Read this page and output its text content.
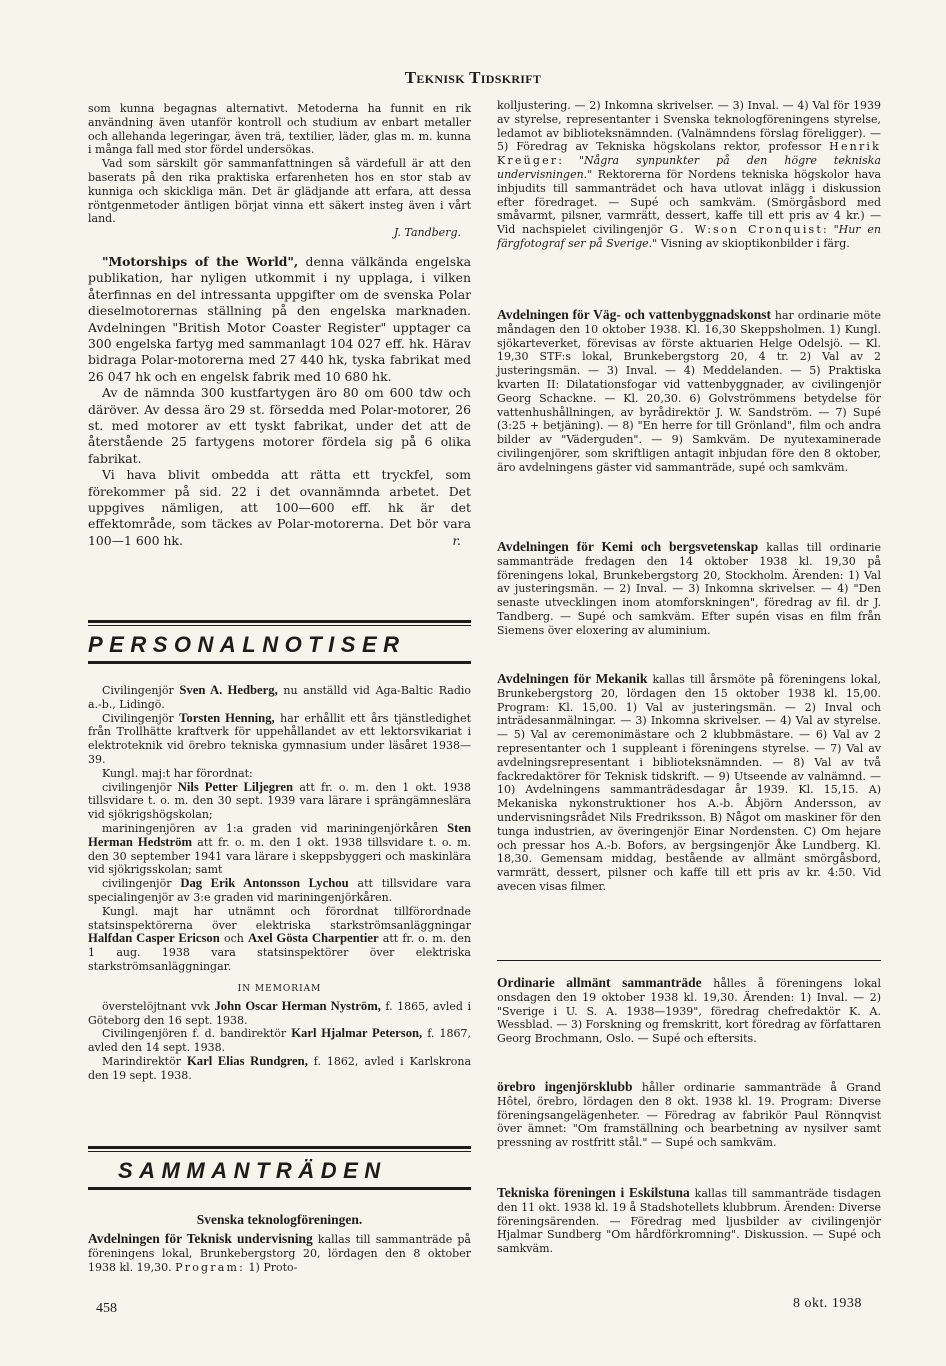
Teknisk Tidskrift

som kunna begagnas alternativt. Metoderna ha funnit en rik användning även utanför kontroll och studium av enbart metaller och allehanda legeringar, även trä, textilier, läder, glas m. m. kunna i många fall med stor fördel undersökas.

Vad som särskilt gör sammanfattningen så värdefull är att den baserats på den rika praktiska erfarenheten hos en stor stab av kunniga och skickliga män. Det är glädjande att erfara, att dessa röntgenmetoder äntligen börjat vinna ett säkert insteg även i vårt land.

J. Tandberg.

"Motorships of the World", denna välkända engelska publikation, har nyligen utkommit i ny upplaga, i vilken återfinnas en del intressanta uppgifter om de svenska Polar dieselmotorernas ställning på den engelska marknaden. Avdelningen "British Motor Coaster Register" upptager ca 300 engelska fartyg med sammanlagt 104 027 eff. hk. Härav bidraga Polar-motorerna med 27 440 hk, tyska fabrikat med 26 047 hk och en engelsk fabrik med 10 680 hk.

Av de nämnda 300 kustfartygen äro 80 om 600 tdw och däröver. Av dessa äro 29 st. försedda med Polar-motorer, 26 st. med motorer av ett tyskt fabrikat, under det att de återstående 25 fartygens motorer fördela sig på 6 olika fabrikat.

Vi hava blivit ombedda att rätta ett tryckfel, som förekommer på sid. 22 i det ovannämnda arbetet. Det uppgives nämligen, att 100—600 eff. hk är det effektområde, som täckes av Polar-motorerna. Det bör vara 100—1 600 hk.	r.

PERSONALNOTISER

Civilingenjör Sven A. Hedberg, nu anställd vid Aga-Baltic Radio a.-b., Lidingö.

Civilingenjör Torsten Henning, har erhållit ett års tjänstledighet från Trollhätte kraftverk för uppehållandet av ett lektorsvikariat i elektroteknik vid örebro tekniska gymnasium under läsåret 1938—39.

Kungl. maj:t har förordnat:

civilingenjör Nils Petter Liljegren att fr. o. m. den 1 okt. 1938 tillsvidare t. o. m. den 30 sept. 1939 vara lärare i sprängämneslära vid sjökrigshögskolan;

mariningenjören av 1:a graden vid mariningenjörkåren Sten Herman Hedström att fr. o. m. den 1 okt. 1938 tillsvidare t. o. m. den 30 september 1941 vara lärare i skeppsbyggeri och maskinlära vid sjökrigsskolan; samt

civilingenjör Dag Erik Antonsson Lychou att tillsvidare vara specialingenjör av 3:e graden vid mariningenjörkåren.

Kungl. majt har utnämnt och förordnat tillförordnade statsinspektörerna över elektriska starkströmsanläggningar Halfdan Casper Ericson och Axel Gösta Charpentier att fr. o. m. den 1 aug. 1938 vara statsinspektörer över elektriska starkströmsanläggningar.

IN MEMORIAM

överstelöjtnant vvk John Oscar Herman Nyström, f. 1865, avled i Göteborg den 16 sept. 1938.

Civilingenjören f. d. bandirektör Karl Hjalmar Peterson, f. 1867, avled den 14 sept. 1938.

Marindirektör Karl Elias Rundgren, f. 1862, avled i Karlskrona den 19 sept. 1938.

SAMMANTRÄDEN

Svenska teknologföreningen.

Avdelningen för Teknisk undervisning kallas till sammanträde på föreningens lokal, Brunkebergstorg 20, lördagen den 8 oktober 1938 kl. 19,30. Program: 1) Proto-

kolljustering. — 2) Inkomna skrivelser. — 3) Inval. — 4) Val för 1939 av styrelse, representanter i Svenska teknologföreningens styrelse, ledamot av biblioteksnämnden. (Valnämndens förslag föreligger). — 5) Föredrag av Tekniska högskolans rektor, professor Henrik Kreüger: "Några synpunkter på den högre tekniska undervisningen." Rektorerna för Nordens tekniska högskolor hava inbjudits till sammanträdet och hava utlovat inlägg i diskussion efter föredraget. — Supé och samkväm. (Smörgåsbord med småvarmt, pilsner, varmrätt, dessert, kaffe till ett pris av 4 kr.) — Vid nachspielet civilingenjör G. W:son Cronquist: "Hur en färgfotograf ser på Sverige." Visning av skioptikonbilder i färg.

Avdelningen för Väg- och vattenbyggnadskonst har ordinarie möte måndagen den 10 oktober 1938. Kl. 16,30 Skeppsholmen. 1) Kungl. sjökarteverket, förevisas av förste aktuarien Helge Odelsjö. — Kl. 19,30 STF:s lokal, Brunkebergstorg 20, 4 tr. 2) Val av 2 justeringsmän. — 3) Inval. — 4) Meddelanden. — 5) Praktiska kvarten II: Dilatationsfogar vid vattenbyggnader, av civilingenjör Georg Schackne. — Kl. 20,30. 6) Golvströmmens betydelse för vattenhushållningen, av byrådirektör J. W. Sandström. — 7) Supé (3:25 + betjäning). — 8) "En herre for till Grönland", film och andra bilder av "Väderguden". — 9) Samkväm. De nyutexaminerade civilingenjörer, som skriftligen antagit inbjudan före den 8 oktober, äro avdelningens gäster vid sammanträde, supé och samkväm.

Avdelningen för Kemi och bergsvetenskap kallas till ordinarie sammanträde fredagen den 14 oktober 1938 kl. 19,30 på föreningens lokal, Brunkebergstorg 20, Stockholm. Ärenden: 1) Val av justeringsmän. — 2) Inval. — 3) Inkomna skrivelser. — 4) "Den senaste utvecklingen inom atomforskningen", föredrag av fil. dr J. Tandberg. — Supé och samkväm. Efter supén visas en film från Siemens över eloxering av aluminium.

Avdelningen för Mekanik kallas till årsmöte på föreningens lokal, Brunkebergstorg 20, lördagen den 15 oktober 1938 kl. 15,00. Program: Kl. 15,00. 1) Val av justeringsmän. — 2) Inval och inträdesanmälningar. — 3) Inkomna skrivelser. — 4) Val av styrelse. — 5) Val av ceremonimästare och 2 klubbmästare. — 6) Val av 2 representanter och 1 suppleant i föreningens styrelse. — 7) Val av avdelningsrepresentant i biblioteksnämnden. — 8) Val av två fackredaktörer för Teknisk tidskrift. — 9) Utseende av valnämnd. — 10) Avdelningens sammanträdesdagar år 1939. Kl. 15,15. A) Mekaniska nykonstruktioner hos A.-b. Åbjörn Andersson, av undervisningsrådet Nils Fredriksson. B) Något om maskiner för den tunga industrien, av överingenjör Einar Nordensten. C) Om hejare och pressar hos A.-b. Bofors, av bergsingenjör Åke Lundberg. Kl. 18,30. Gemensam middag, bestående av allmänt smörgåsbord, varmrätt, dessert, pilsner och kaffe till ett pris av kr. 4:50. Vid avecen visas filmer.

Ordinarie allmänt sammanträde hålles å föreningens lokal onsdagen den 19 oktober 1938 kl. 19,30. Ärenden: 1) Inval. — 2) "Sverige i U. S. A. 1938—1939", föredrag chefredaktör K. A. Wessblad. — 3) Forskning og fremskritt, kort föredrag av författaren Georg Brochmann, Oslo. — Supé och eftersits.

örebro ingenjörsklubb håller ordinarie sammanträde å Grand Hôtel, örebro, lördagen den 8 okt. 1938 kl. 19. Program: Diverse föreningsangelägenheter. — Föredrag av fabrikör Paul Rönnqvist över ämnet: "Om framställning och bearbetning av nysilver samt pressning av rostfritt stål." — Supé och samkväm.

Tekniska föreningen i Eskilstuna kallas till sammanträde tisdagen den 11 okt. 1938 kl. 19 å Stadshotellets klubbrum. Ärenden: Diverse föreningsärenden. — Föredrag med ljusbilder av civilingenjör Hjalmar Sundberg "Om hårdförkromning". Diskussion. — Supé och samkväm.

458	8 okt. 1938
